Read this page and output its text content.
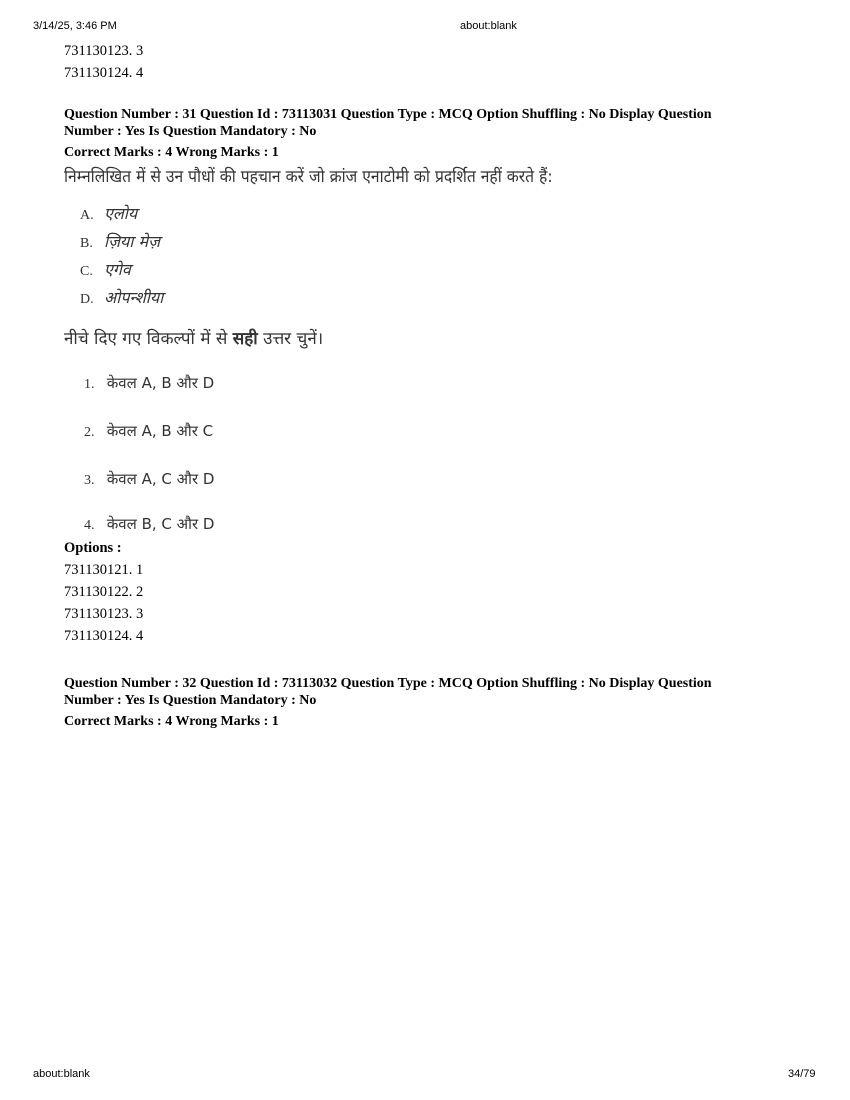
3/14/25, 3:46 PM	about:blank
731130123. 3
731130124. 4
Question Number : 31 Question Id : 73113031 Question Type : MCQ Option Shuffling : No Display Question
Number : Yes Is Question Mandatory : No
Correct Marks : 4 Wrong Marks : 1
निम्नलिखित में से उन पौधों की पहचान करें जो क्रांज एनाटोमी को प्रदर्शित नहीं करते हैं:
A. एलोय
B. ज़िया मेज़
C. एगेव
D. ओपन्शीया
नीचे दिए गए विकल्पों में से सही उत्तर चुनें।
1. केवल A, B और D
2. केवल A, B और C
3. केवल A, C और D
4. केवल B, C और D
Options :
731130121. 1
731130122. 2
731130123. 3
731130124. 4
Question Number : 32 Question Id : 73113032 Question Type : MCQ Option Shuffling : No Display Question
Number : Yes Is Question Mandatory : No
Correct Marks : 4 Wrong Marks : 1
about:blank	34/79
